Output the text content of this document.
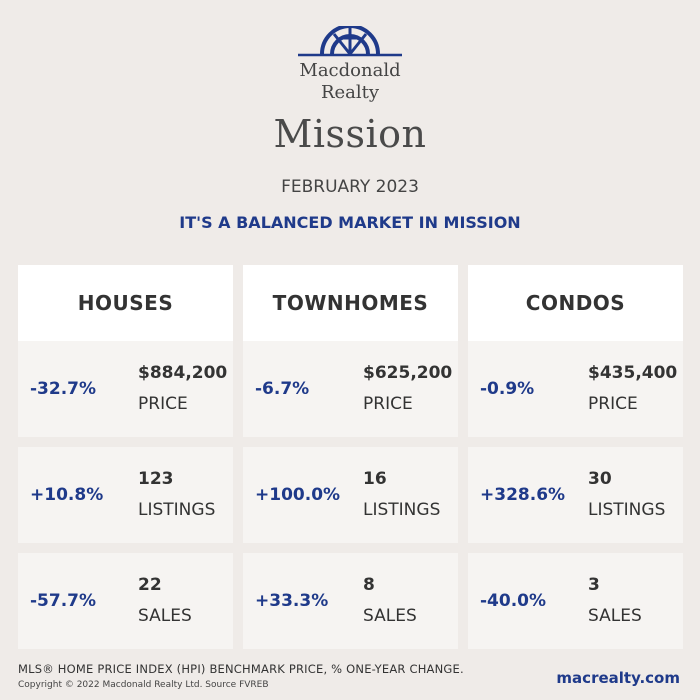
Macdonald
Realty
Mission
FEBRUARY 2023
IT'S A BALANCED MARKET IN MISSION
HOUSES
-32.7%
$884,200
PRICE
+10.8%
123
LISTINGS
-57.7%
22
SALES
TOWNHOMES
-6.7%
$625,200
PRICE
+100.0%
16
LISTINGS
+33.3%
8
SALES
CONDOS
-0.9%
$435,400
PRICE
+328.6%
30
LISTINGS
-40.0%
3
SALES
MLS® HOME PRICE INDEX (HPI) BENCHMARK PRICE, % ONE-YEAR CHANGE.
Copyright © 2022 Macdonald Realty Ltd. Source FVREB	macrealty.com
